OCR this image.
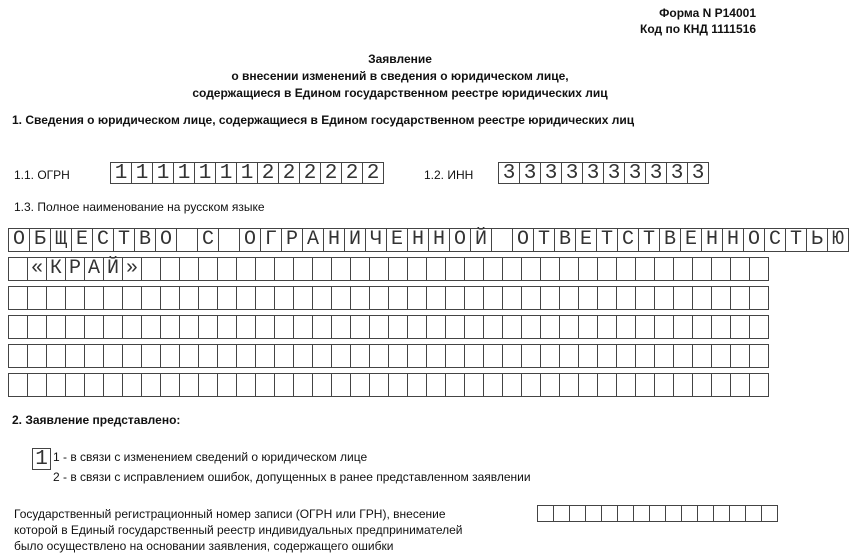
Форма N Р14001
Код по КНД 1111516
Заявление
о внесении изменений в сведения о юридическом лице,
содержащиеся в Едином государственном реестре юридических лиц
1. Сведения о юридическом лице, содержащиеся в Едином государственном реестре юридических лиц
1.1. ОГРН 1 1 1 1 1 1 1 2 2 2 2 2 2	1.2. ИНН 3 3 3 3 3 3 3 3 3 3
1.3. Полное наименование на русском языке
О Б Щ Е С Т В О С О Г Р А Н И Ч Е Н Н О Й О Т В Е Т С Т В Е Н Н О С Т Ь Ю
« К Р А Й »
2. Заявление представлено:
1 1 - в связи с изменением сведений о юридическом лице
2 - в связи с исправлением ошибок, допущенных в ранее представленном заявлении
Государственный регистрационный номер записи (ОГРН или ГРН), внесение
которой в Единый государственный реестр индивидуальных предпринимателей
было осуществлено на основании заявления, содержащего ошибки
